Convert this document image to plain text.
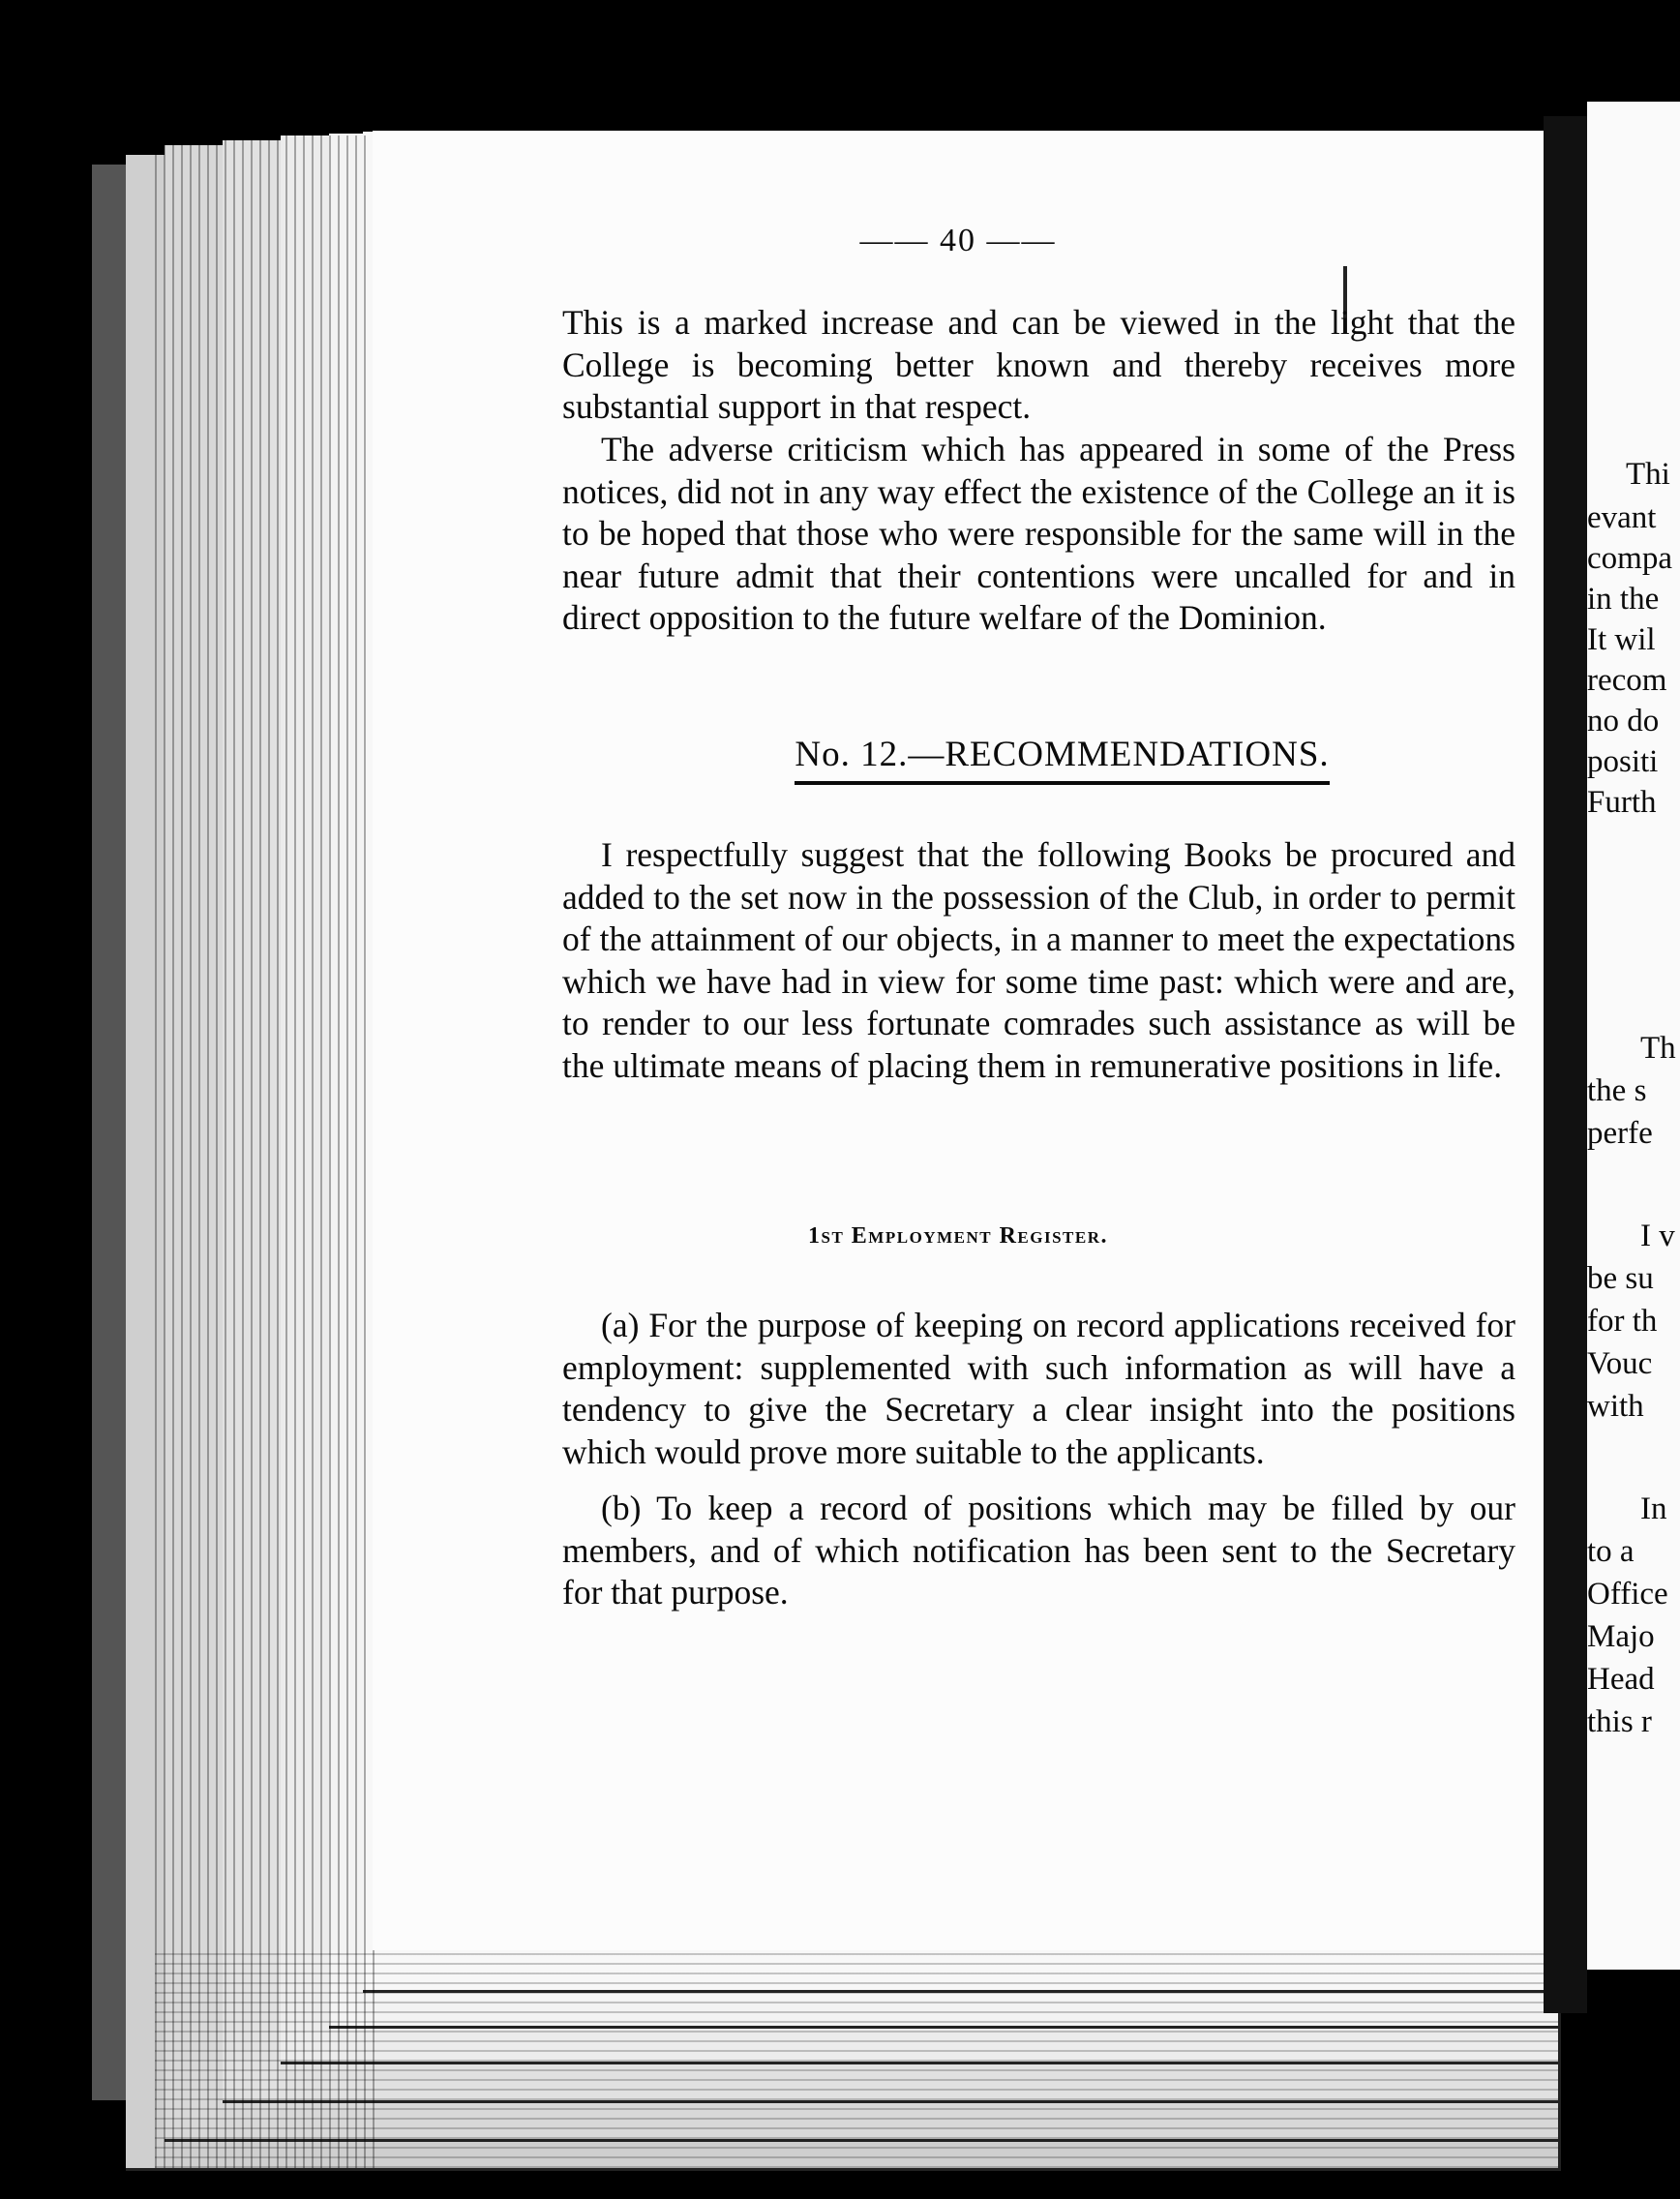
—— 40 ——

This is a marked increase and can be viewed in the light that the College is becoming better known and thereby receives more substantial support in that respect.

The adverse criticism which has appeared in some of the Press notices, did not in any way effect the existence of the College an it is to be hoped that those who were responsible for the same will in the near future admit that their contentions were uncalled for and in direct opposition to the future welfare of the Dominion.

No. 12.—RECOMMENDATIONS.

I respectfully suggest that the following Books be procured and added to the set now in the possession of the Club, in order to permit of the attainment of our objects, in a manner to meet the expectations which we have had in view for some time past: which were and are, to render to our less fortunate comrades such assistance as will be the ultimate means of placing them in remunerative positions in life.

1st Employment Register.

(a) For the purpose of keeping on record applications received for employment: supplemented with such information as will have a tendency to give the Secretary a clear insight into the positions which would prove more suitable to the applicants.

(b) To keep a record of positions which may be filled by our members, and of which notification has been sent to the Secretary for that purpose.

Thi
evant
compa
in the
It wil
recom
no do
positi
Furth
Th
the s
perfe
I v
be su
for th
Vouc
with
In
to a
Office
Majo
Head
this r
